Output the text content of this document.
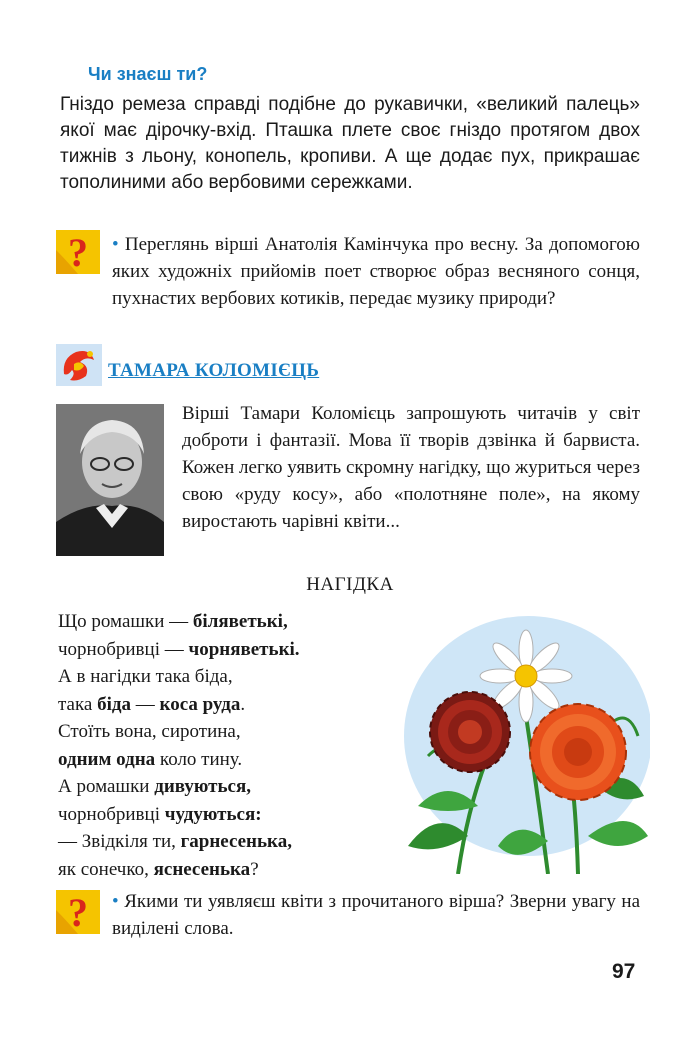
Чи знаєш ти?
Гніздо ремеза справді подібне до рукавички, «великий палець» якої має дірочку-вхід. Пташка плете своє гніздо протягом двох тижнів з льону, конопель, кропиви. А ще додає пух, прикрашає тополиними або вербовими сережками.
? • Переглянь вірші Анатолія Камінчука про весну. За допомогою яких художніх прийомів поет створює образ весняного сонця, пухнастих вербових котиків, передає музику природи?
ТАМАРА КОЛОМІЄЦЬ
Вірші Тамари Коломієць запрошують читачів у світ доброти і фантазії. Мова її творів дзвінка й барвиста. Кожен легко уявить скромну нагідку, що журиться через свою «руду косу», або «полотняне поле», на якому виростають чарівні квіти...
НАГІДКА
Що ромашки — біляветькі,
чорнобривці — чорняветькі.
А в нагідки така біда,
така біда — коса руда.
Стоїть вона, сиротина,
одним одна коло тину.
А ромашки дивуються,
чорнобривці чудуються:
— Звідкіля ти, гарнесенька,
як сонечко, яснесенька?
? • Якими ти уявляєш квіти з прочитаного вірша? Зверни увагу на виділені слова.
97
